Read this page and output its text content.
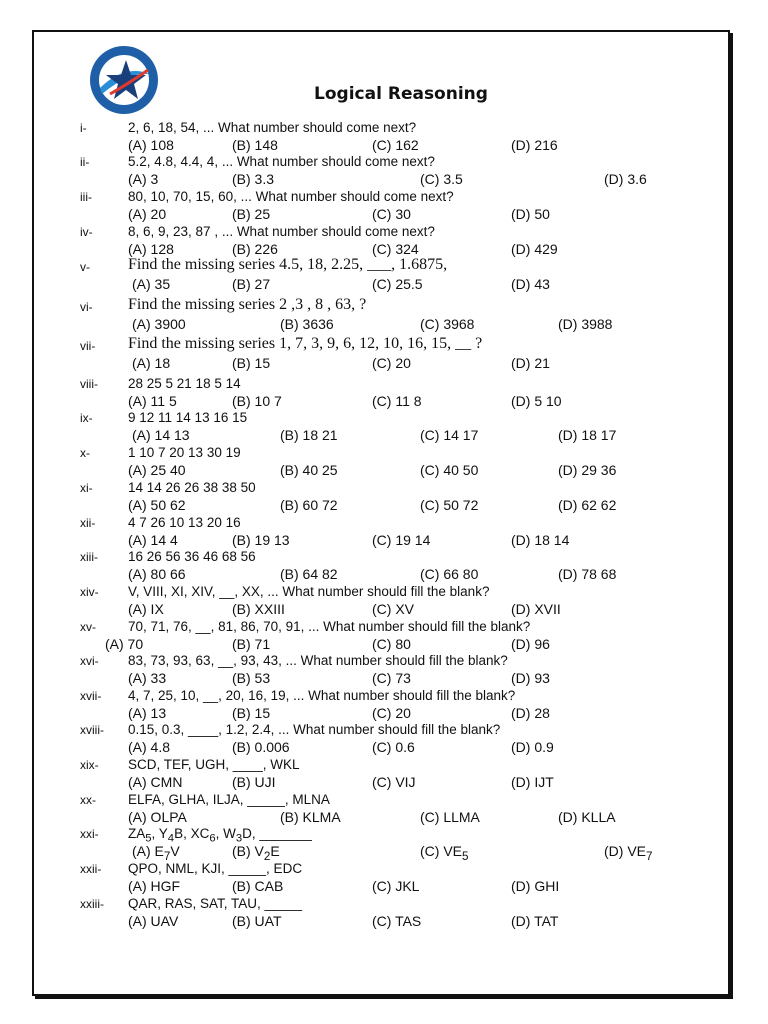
Logical Reasoning
i-	2, 6, 18, 54, ... What number should come next?
(A) 108	(B) 148	(C) 162	(D) 216
ii-	5.2, 4.8, 4.4, 4, ... What number should come next?
(A) 3	(B) 3.3	(C) 3.5	(D) 3.6
iii-	80, 10, 70, 15, 60, ... What number should come next?
(A) 20	(B) 25	(C) 30	(D) 50
iv-	8, 6, 9, 23, 87 , ... What number should come next?
(A) 128	(B) 226	(C) 324	(D) 429
v- Find the missing series 4.5, 18, 2.25, ___, 1.6875,
(A) 35	(B) 27	(C) 25.5	(D) 43
vi- Find the missing series 2 ,3 , 8 , 63, ?
(A) 3900	(B) 3636	(C) 3968	(D) 3988
vii- Find the missing series 1, 7, 3, 9, 6, 12, 10, 16, 15, __ ?
(A) 18	(B) 15	(C) 20	(D) 21
viii- 28 25 5 21 18 5 14
(A) 11 5	(B) 10 7	(C) 11 8	(D) 5 10
ix-	9 12 11 14 13 16 15
(A) 14 13	(B) 18 21	(C) 14 17	(D) 18 17
x-	1 10 7 20 13 30 19
(A) 25 40	(B) 40 25	(C) 40 50	(D) 29 36
xi-	14 14 26 26 38 38 50
(A) 50 62	(B) 60 72	(C) 50 72	(D) 62 62
xii- 4 7 26 10 13 20 16
(A) 14 4	(B) 19 13	(C) 19 14	(D) 18 14
xiii- 16 26 56 36 46 68 56
(A) 80 66	(B) 64 82	(C) 66 80	(D) 78 68
xiv- V, VIII, XI, XIV, __, XX, ... What number should fill the blank?
(A) IX	(B) XXIII	(C) XV	(D) XVII
xv- 70, 71, 76, __, 81, 86, 70, 91, ... What number should fill the blank?
(A) 70	(B) 71	(C) 80	(D) 96
xvi- 83, 73, 93, 63, __, 93, 43, ... What number should fill the blank?
(A) 33	(B) 53	(C) 73	(D) 93
xvii- 4, 7, 25, 10, __, 20, 16, 19, ... What number should fill the blank?
(A) 13	(B) 15	(C) 20	(D) 28
xviii- 0.15, 0.3, ____, 1.2, 2.4, ... What number should fill the blank?
(A) 4.8	(B) 0.006	(C) 0.6	(D) 0.9
xix- SCD, TEF, UGH, ____, WKL
(A) CMN	(B) UJI	(C) VIJ	(D) IJT
xx- ELFA, GLHA, ILJA, _____, MLNA
(A) OLPA	(B) KLMA	(C) LLMA	(D) KLLA
xxi- $ZA_5$, $Y_4B$, $XC_6$, $W_3D$, _______
(A) $E_7V$	(B) $V_2E$	(C) $VE_5$	(D) $VE_7$
xxii- QPO, NML, KJI, _____, EDC
(A) HGF	(B) CAB	(C) JKL	(D) GHI
xxiii- QAR, RAS, SAT, TAU, _____
(A) UAV	(B) UAT	(C) TAS	(D) TAT
